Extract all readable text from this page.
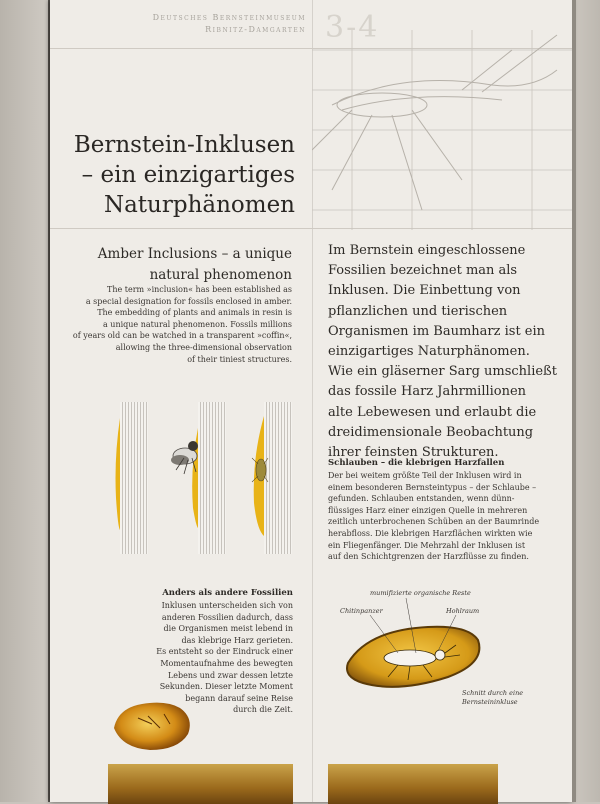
Deutsches Bernsteinmuseum
Ribnitz-Damgarten 3-4
Bernstein-Inklusen
– ein einzigartiges
Naturphänomen
Amber Inclusions – a unique
natural phenomenon
The term »inclusion« has been established as
a special designation for fossils enclosed in amber.
The embedding of plants and animals in resin is
a unique natural phenomenon. Fossils millions
of years old can be watched in a transparent »coffin«,
allowing the three-dimensional observation
of their tiniest structures.
Im Bernstein eingeschlossene
Fossilien bezeichnet man als
Inklusen. Die Einbettung von
pflanzlichen und tierischen
Organismen im Baumharz ist ein
einzigartiges Naturphänomen.
Wie ein gläserner Sarg umschließt
das fossile Harz Jahrmillionen
alte Lebewesen und erlaubt die
dreidimensionale Beobachtung
ihrer feinsten Strukturen.
Schlauben – die klebrigen Harzfallen
Der bei weitem größte Teil der Inklusen wird in
einem besonderen Bernsteintypus – der Schlaube –
gefunden. Schlauben entstanden, wenn dünn-
flüssiges Harz einer einzigen Quelle in mehreren
zeitlich unterbrochenen Schüben an der Baumrinde
herabfloss. Die klebrigen Harzflächen wirkten wie
ein Fliegenfänger. Die Mehrzahl der Inklusen ist
auf den Schichtgrenzen der Harzflüsse zu finden.
Anders als andere Fossilien
Inklusen unterscheiden sich von
anderen Fossilien dadurch, dass
die Organismen meist lebend in
das klebrige Harz gerieten.
Es entsteht so der Eindruck einer
Momentaufnahme des bewegten
Lebens und zwar dessen letzte
Sekunden. Dieser letzte Moment
begann darauf seine Reise
durch die Zeit.
mumifizierte organische Reste
Chitinpanzer	Hohlraum
Schnitt durch eine
Bernsteininkluse
